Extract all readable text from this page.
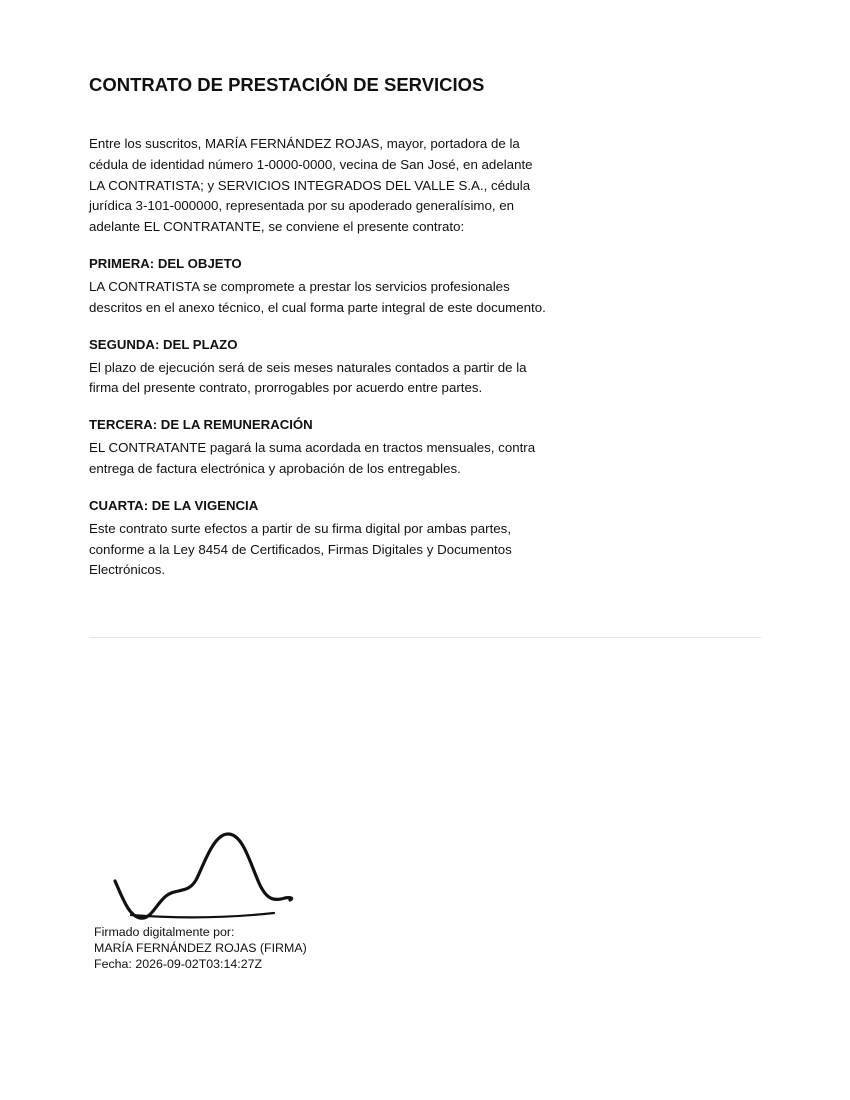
CONTRATO DE PRESTACIÓN DE SERVICIOS

Entre los suscritos, MARÍA FERNÁNDEZ ROJAS, mayor, portadora de la cédula de identidad número 1-0000-0000, vecina de San José, en adelante LA CONTRATISTA; y SERVICIOS INTEGRADOS DEL VALLE S.A., cédula jurídica 3-101-000000, representada por su apoderado generalísimo, en adelante EL CONTRATANTE, se conviene el presente contrato:

PRIMERA: DEL OBJETO

LA CONTRATISTA se compromete a prestar los servicios profesionales descritos en el anexo técnico, el cual forma parte integral de este documento.

SEGUNDA: DEL PLAZO

El plazo de ejecución será de seis meses naturales contados a partir de la firma del presente contrato, prorrogables por acuerdo entre partes.

TERCERA: DE LA REMUNERACIÓN

EL CONTRATANTE pagará la suma acordada en tractos mensuales, contra entrega de factura electrónica y aprobación de los entregables.

CUARTA: DE LA VIGENCIA

Este contrato surte efectos a partir de su firma digital por ambas partes, conforme a la Ley 8454 de Certificados, Firmas Digitales y Documentos Electrónicos.

Firmado digitalmente por:
MARÍA FERNÁNDEZ ROJAS (FIRMA)
Fecha: 2026-09-02T03:14:27Z
